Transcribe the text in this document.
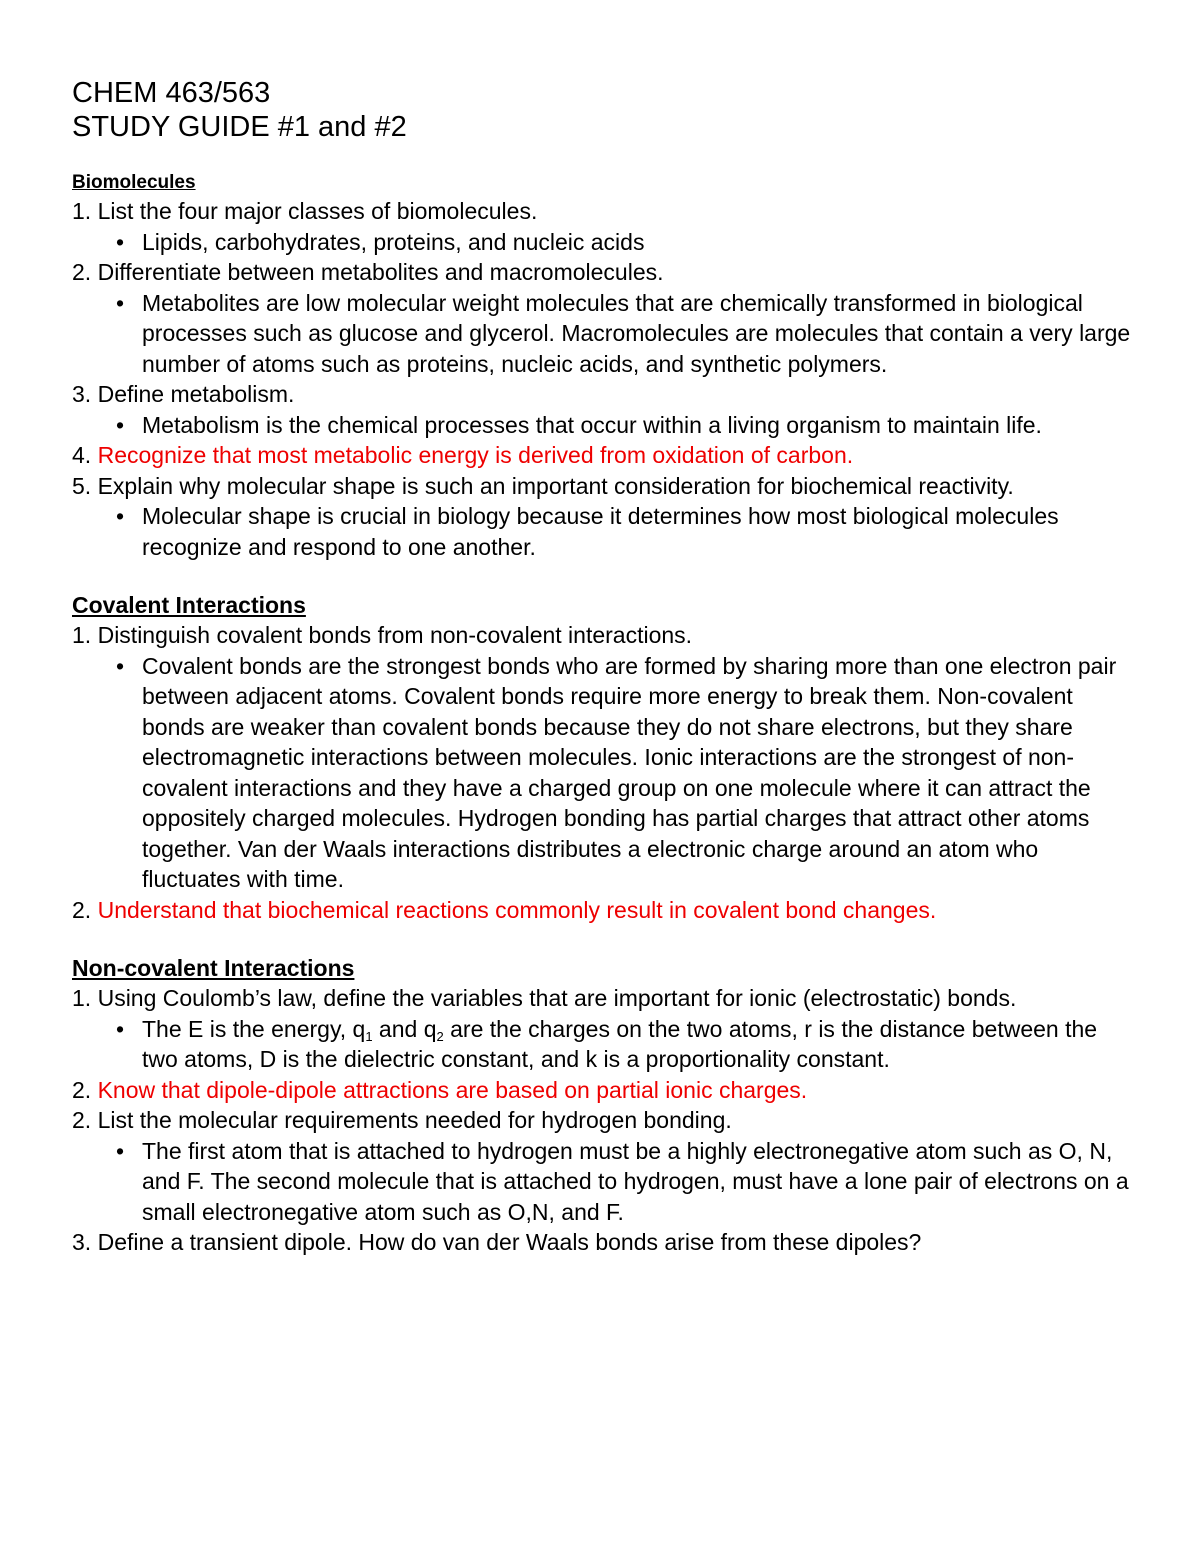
CHEM 463/563
STUDY GUIDE #1 and #2
Biomolecules
1. List the four major classes of biomolecules.
• Lipids, carbohydrates, proteins, and nucleic acids
2. Differentiate between metabolites and macromolecules.
• Metabolites are low molecular weight molecules that are chemically transformed in biological processes such as glucose and glycerol. Macromolecules are molecules that contain a very large number of atoms such as proteins, nucleic acids, and synthetic polymers.
3. Define metabolism.
• Metabolism is the chemical processes that occur within a living organism to maintain life.
4. Recognize that most metabolic energy is derived from oxidation of carbon.
5. Explain why molecular shape is such an important consideration for biochemical reactivity.
• Molecular shape is crucial in biology because it determines how most biological molecules recognize and respond to one another.
Covalent Interactions
1. Distinguish covalent bonds from non-covalent interactions.
• Covalent bonds are the strongest bonds who are formed by sharing more than one electron pair between adjacent atoms. Covalent bonds require more energy to break them. Non-covalent bonds are weaker than covalent bonds because they do not share electrons, but they share electromagnetic interactions between molecules. Ionic interactions are the strongest of non-covalent interactions and they have a charged group on one molecule where it can attract the oppositely charged molecules. Hydrogen bonding has partial charges that attract other atoms together. Van der Waals interactions distributes a electronic charge around an atom who fluctuates with time.
2. Understand that biochemical reactions commonly result in covalent bond changes.
Non-covalent Interactions
1. Using Coulomb’s law, define the variables that are important for ionic (electrostatic) bonds.
• The E is the energy, $q_1$ and $q_2$ are the charges on the two atoms, r is the distance between the two atoms, D is the dielectric constant, and k is a proportionality constant.
2. Know that dipole-dipole attractions are based on partial ionic charges.
2. List the molecular requirements needed for hydrogen bonding.
• The first atom that is attached to hydrogen must be a highly electronegative atom such as O, N, and F. The second molecule that is attached to hydrogen, must have a lone pair of electrons on a small electronegative atom such as O,N, and F.
3. Define a transient dipole. How do van der Waals bonds arise from these dipoles?
